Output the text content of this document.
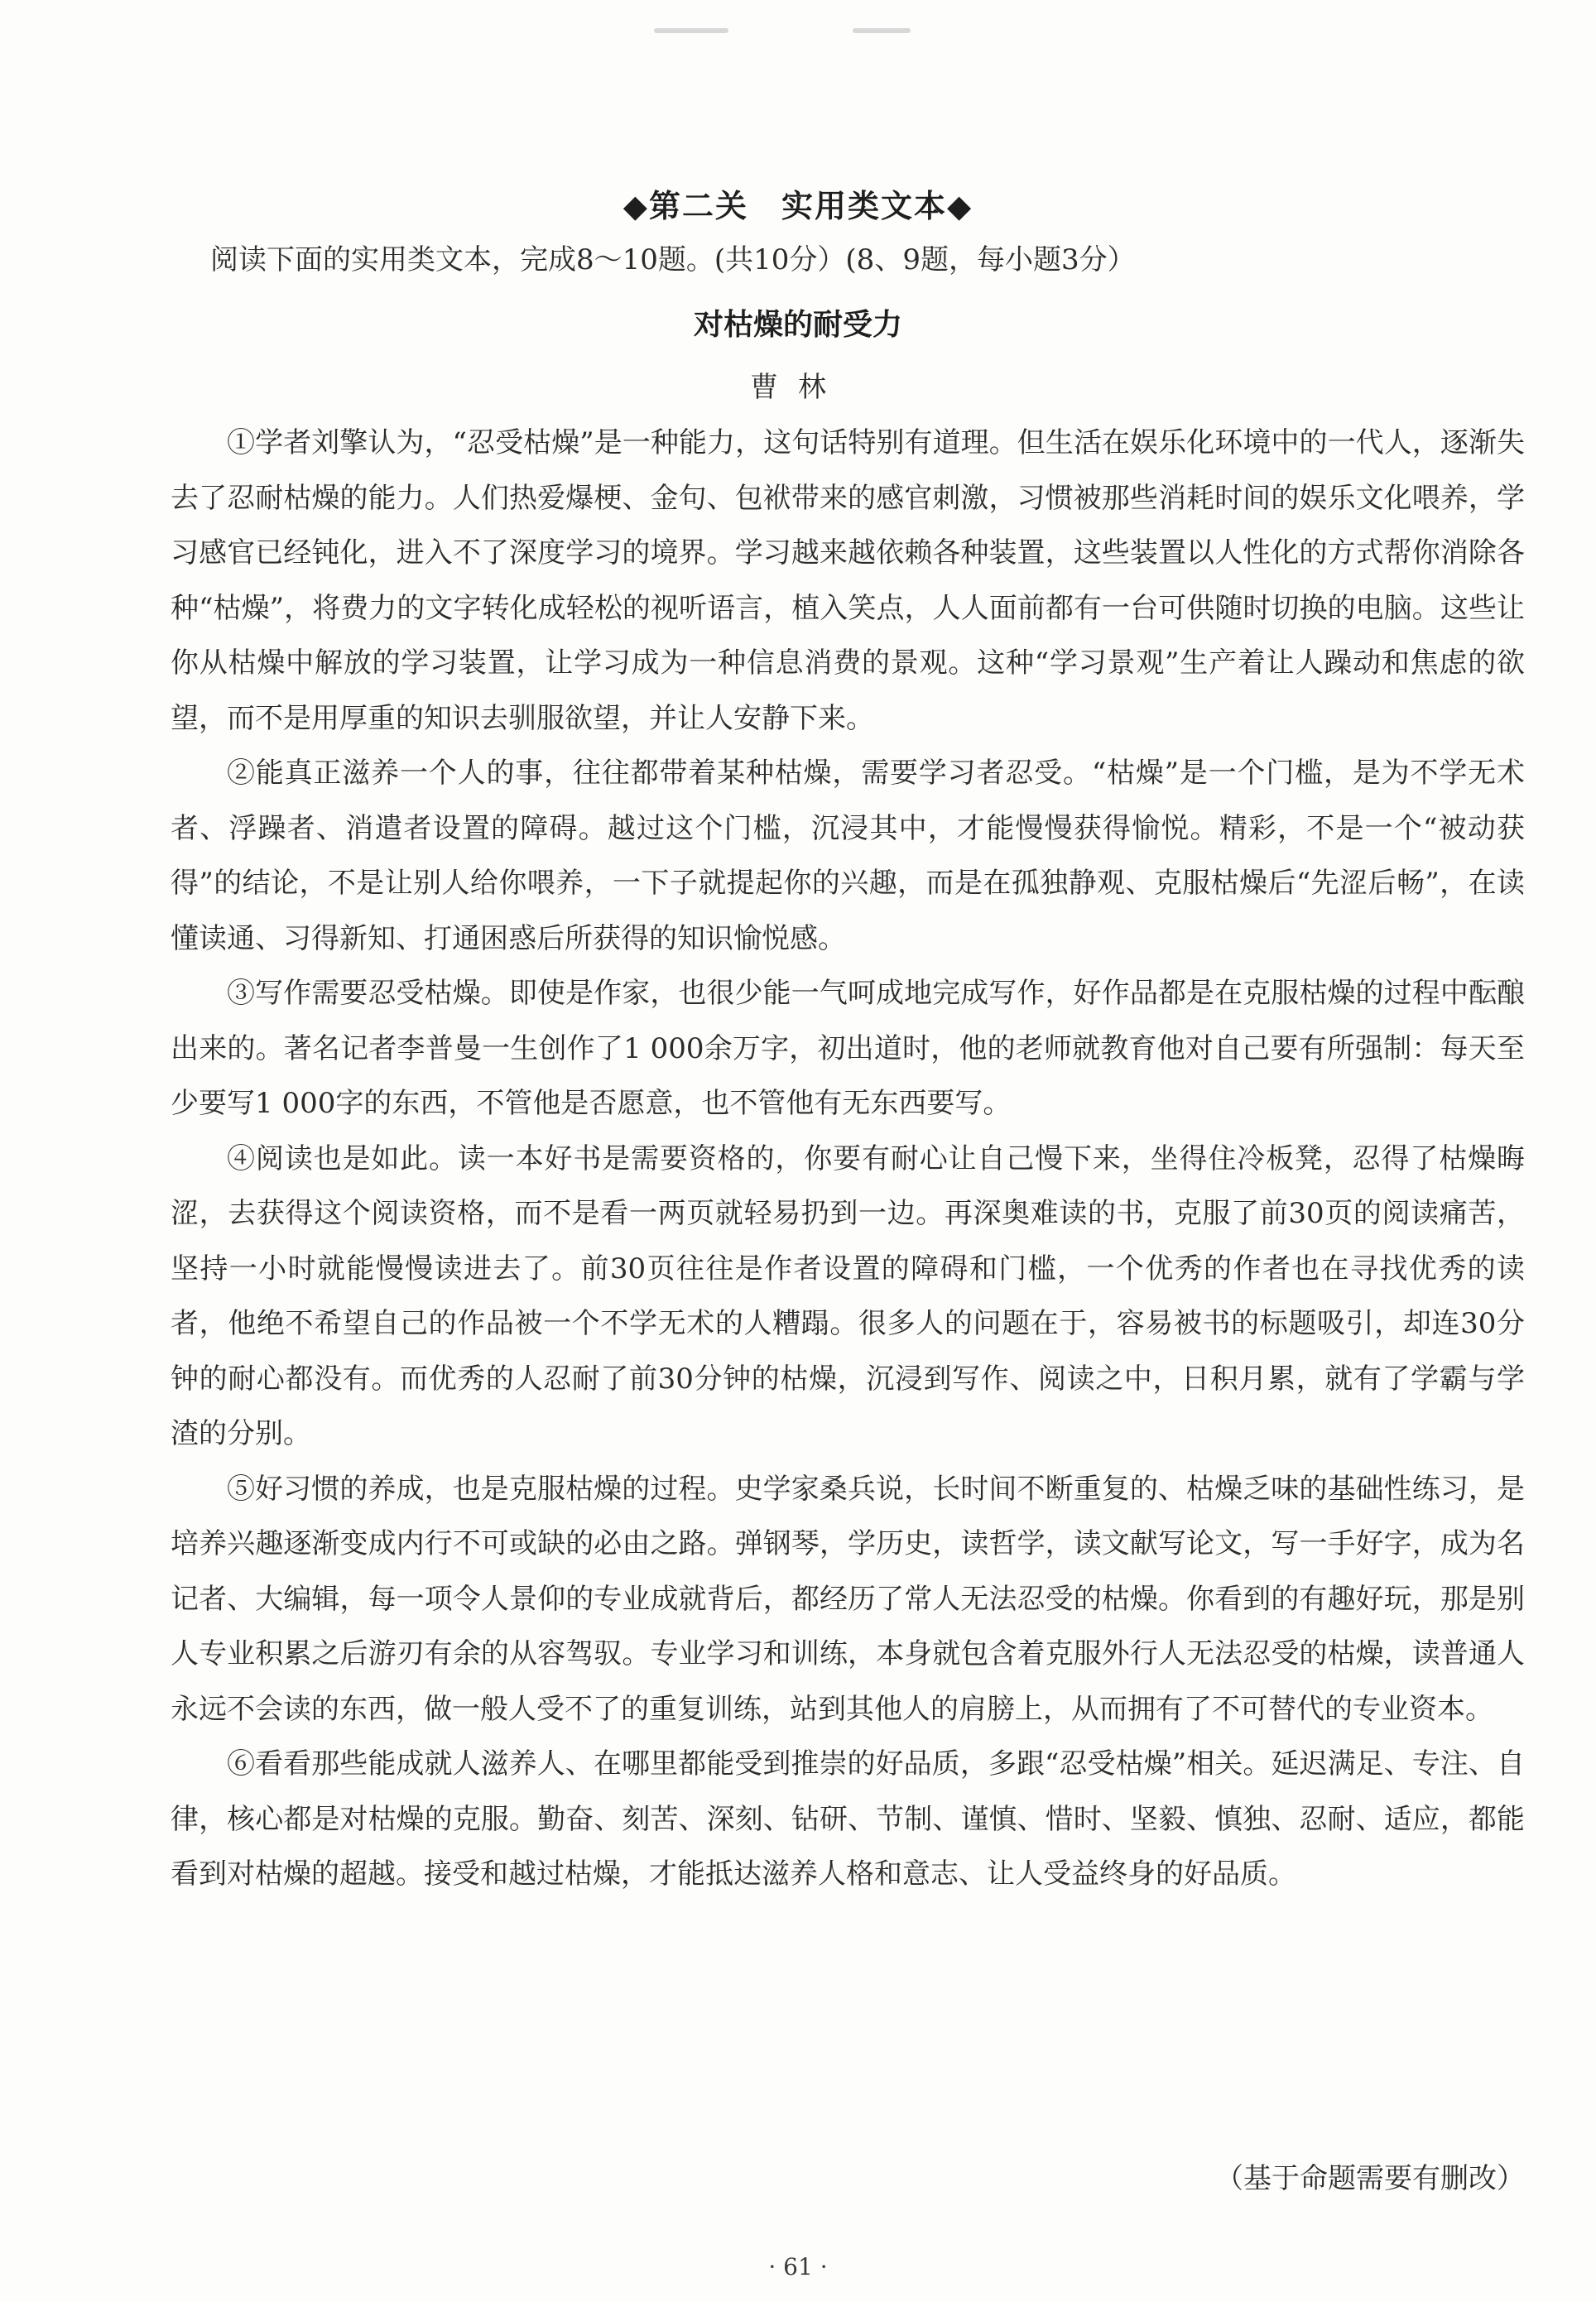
◆第二关 实用类文本◆
阅读下面的实用类文本，完成8～10题。(共10分）(8、9题，每小题3分）
对枯燥的耐受力
曹林

①学者刘擎认为，“忍受枯燥”是一种能力，这句话特别有道理。但生活在娱乐化环境中的一代人，逐渐失去了忍耐枯燥的能力。人们热爱爆梗、金句、包袱带来的感官刺激，习惯被那些消耗时间的娱乐文化喂养，学习感官已经钝化，进入不了深度学习的境界。学习越来越依赖各种装置，这些装置以人性化的方式帮你消除各种“枯燥”，将费力的文字转化成轻松的视听语言，植入笑点，人人面前都有一台可供随时切换的电脑。这些让你从枯燥中解放的学习装置，让学习成为一种信息消费的景观。这种“学习景观”生产着让人躁动和焦虑的欲望，而不是用厚重的知识去驯服欲望，并让人安静下来。

②能真正滋养一个人的事，往往都带着某种枯燥，需要学习者忍受。“枯燥”是一个门槛，是为不学无术者、浮躁者、消遣者设置的障碍。越过这个门槛，沉浸其中，才能慢慢获得愉悦。精彩，不是一个“被动获得”的结论，不是让别人给你喂养，一下子就提起你的兴趣，而是在孤独静观、克服枯燥后“先涩后畅”，在读懂读通、习得新知、打通困惑后所获得的知识愉悦感。

③写作需要忍受枯燥。即使是作家，也很少能一气呵成地完成写作，好作品都是在克服枯燥的过程中酝酿出来的。著名记者李普曼一生创作了1 000余万字，初出道时，他的老师就教育他对自己要有所强制：每天至少要写1 000字的东西，不管他是否愿意，也不管他有无东西要写。

④阅读也是如此。读一本好书是需要资格的，你要有耐心让自己慢下来，坐得住冷板凳，忍得了枯燥晦涩，去获得这个阅读资格，而不是看一两页就轻易扔到一边。再深奥难读的书，克服了前30页的阅读痛苦，坚持一小时就能慢慢读进去了。前30页往往是作者设置的障碍和门槛，一个优秀的作者也在寻找优秀的读者，他绝不希望自己的作品被一个不学无术的人糟蹋。很多人的问题在于，容易被书的标题吸引，却连30分钟的耐心都没有。而优秀的人忍耐了前30分钟的枯燥，沉浸到写作、阅读之中，日积月累，就有了学霸与学渣的分别。

⑤好习惯的养成，也是克服枯燥的过程。史学家桑兵说，长时间不断重复的、枯燥乏味的基础性练习，是培养兴趣逐渐变成内行不可或缺的必由之路。弹钢琴，学历史，读哲学，读文献写论文，写一手好字，成为名记者、大编辑，每一项令人景仰的专业成就背后，都经历了常人无法忍受的枯燥。你看到的有趣好玩，那是别人专业积累之后游刃有余的从容驾驭。专业学习和训练，本身就包含着克服外行人无法忍受的枯燥，读普通人永远不会读的东西，做一般人受不了的重复训练，站到其他人的肩膀上，从而拥有了不可替代的专业资本。

⑥看看那些能成就人滋养人、在哪里都能受到推崇的好品质，多跟“忍受枯燥”相关。延迟满足、专注、自律，核心都是对枯燥的克服。勤奋、刻苦、深刻、钻研、节制、谨慎、惜时、坚毅、慎独、忍耐、适应，都能看到对枯燥的超越。接受和越过枯燥，才能抵达滋养人格和意志、让人受益终身的好品质。

（基于命题需要有删改）
· 61 ·
